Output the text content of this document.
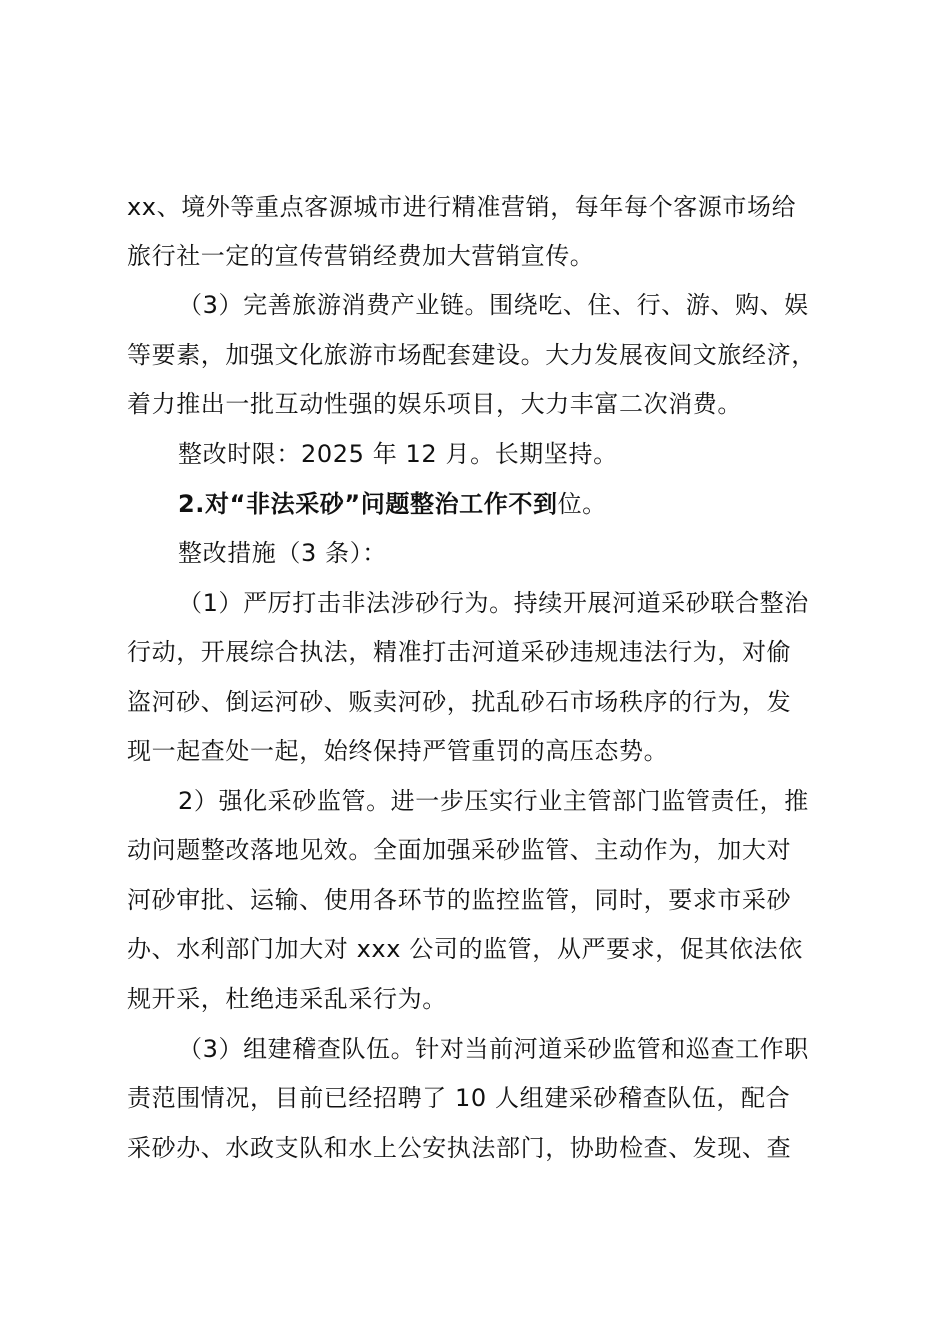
xx、境外等重点客源城市进行精准营销，每年每个客源市场给
旅行社一定的宣传营销经费加大营销宣传。
（3）完善旅游消费产业链。围绕吃、住、行、游、购、娱
等要素，加强文化旅游市场配套建设。大力发展夜间文旅经济，
着力推出一批互动性强的娱乐项目，大力丰富二次消费。
整改时限：2025 年 12 月。长期坚持。
2.对“非法采砂”问题整治工作不到位。
整改措施（3 条）：
（1）严厉打击非法涉砂行为。持续开展河道采砂联合整治
行动，开展综合执法，精准打击河道采砂违规违法行为，对偷
盗河砂、倒运河砂、贩卖河砂，扰乱砂石市场秩序的行为，发
现一起查处一起，始终保持严管重罚的高压态势。
2）强化采砂监管。进一步压实行业主管部门监管责任，推
动问题整改落地见效。全面加强采砂监管、主动作为，加大对
河砂审批、运输、使用各环节的监控监管，同时，要求市采砂
办、水利部门加大对 xxx 公司的监管，从严要求，促其依法依
规开采，杜绝违采乱采行为。
（3）组建稽查队伍。针对当前河道采砂监管和巡查工作职
责范围情况，目前已经招聘了 10 人组建采砂稽查队伍，配合
采砂办、水政支队和水上公安执法部门，协助检查、发现、查
